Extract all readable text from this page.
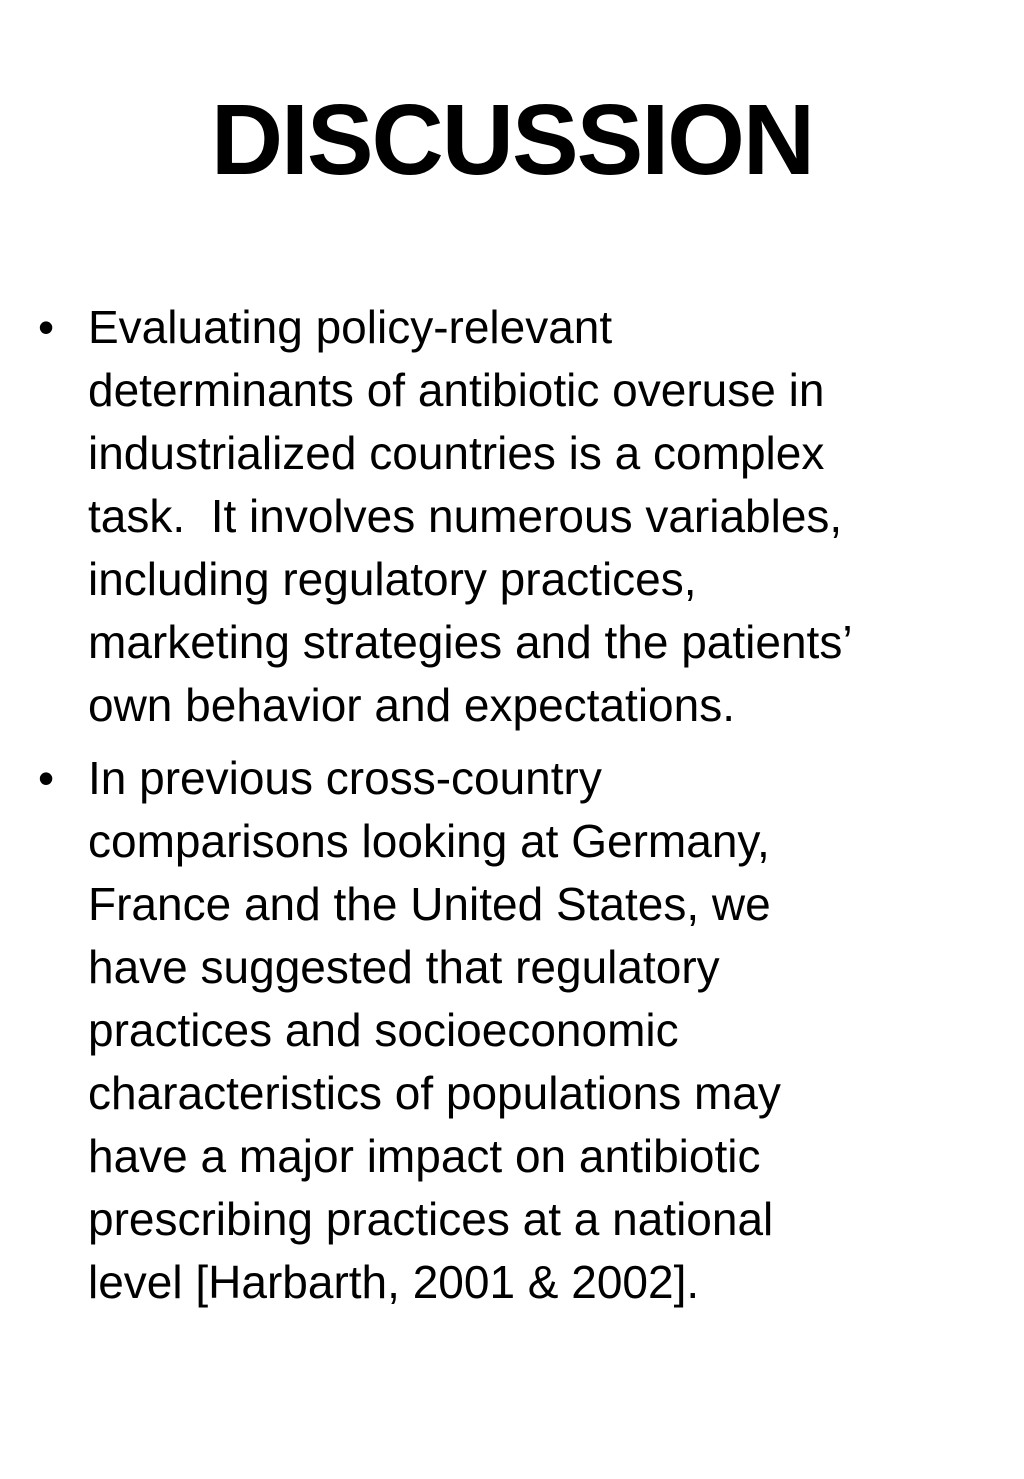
DISCUSSION
• Evaluating policy-relevant
determinants of antibiotic overuse in
industrialized countries is a complex
task.  It involves numerous variables,
including regulatory practices,
marketing strategies and the patients’
own behavior and expectations.
• In previous cross-country
comparisons looking at Germany,
France and the United States, we
have suggested that regulatory
practices and socioeconomic
characteristics of populations may
have a major impact on antibiotic
prescribing practices at a national
level [Harbarth, 2001 & 2002].
